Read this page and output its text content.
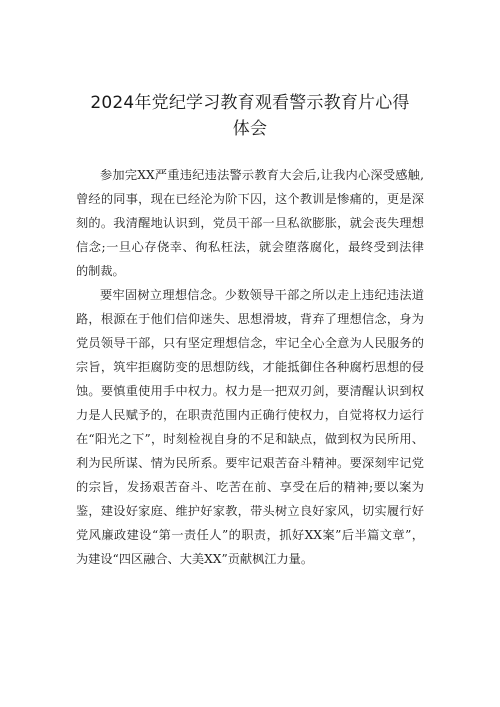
2024年党纪学习教育观看警示教育片心得
体会
参加完XX严重违纪违法警示教育大会后,让我内心深受感触,
曾经的同事，现在已经沦为阶下囚，这个教训是惨痛的，更是深
刻的。我清醒地认识到，党员干部一旦私欲膨胀，就会丧失理想
信念;一旦心存侥幸、徇私枉法，就会堕落腐化，最终受到法律
的制裁。
要牢固树立理想信念。少数领导干部之所以走上违纪违法道
路，根源在于他们信仰迷失、思想滑坡，背弃了理想信念，身为
党员领导干部，只有坚定理想信念，牢记全心全意为人民服务的
宗旨，筑牢拒腐防变的思想防线，才能抵御住各种腐朽思想的侵
蚀。要慎重使用手中权力。权力是一把双刃剑，要清醒认识到权
力是人民赋予的，在职责范围内正确行使权力，自觉将权力运行
在“阳光之下”，时刻检视自身的不足和缺点，做到权为民所用、
利为民所谋、情为民所系。要牢记艰苦奋斗精神。要深刻牢记党
的宗旨，发扬艰苦奋斗、吃苦在前、享受在后的精神;要以案为
鉴，建设好家庭、维护好家教，带头树立良好家风，切实履行好
党风廉政建设“第一责任人”的职责，抓好XX案”后半篇文章”，
为建设“四区融合、大美XX”贡献枫江力量。
